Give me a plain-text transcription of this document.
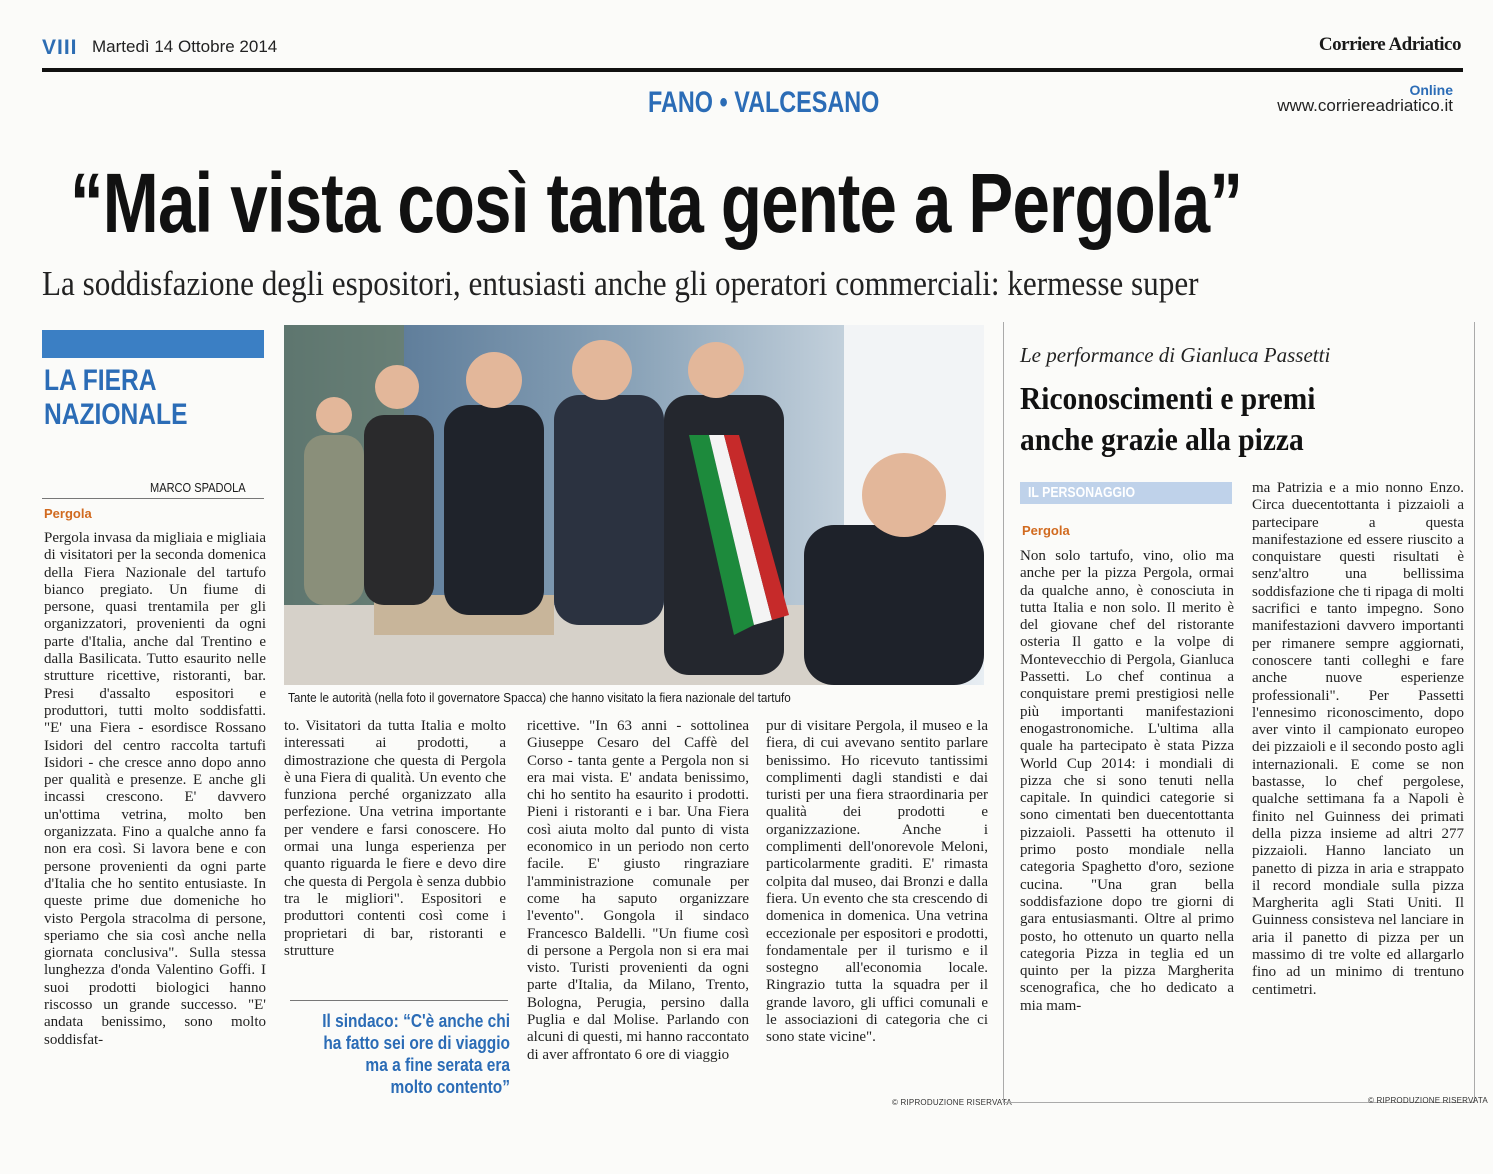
VIII Martedì 14 Ottobre 2014	Corriere Adriatico
FANO • VALCESANO	Online
www.corriereadriatico.it
“Mai vista così tanta gente a Pergola”
La soddisfazione degli espositori, entusiasti anche gli operatori commerciali: kermesse super
LA FIERA
NAZIONALE
MARCO SPADOLA
Pergola
Pergola invasa da migliaia e migliaia di visitatori per la seconda domenica della Fiera Nazionale del tartufo bianco pregiato. Un fiume di persone, quasi trentamila per gli organizzatori, provenienti da ogni parte d'Italia, anche dal Trentino e dalla Basilicata. Tutto esaurito nelle strutture ricettive, ristoranti, bar. Presi d'assalto espositori e produttori, tutti molto soddisfatti. "E' una Fiera - esordisce Rossano Isidori del centro raccolta tartufi Isidori - che cresce anno dopo anno per qualità e presenze. E anche gli incassi crescono. E' davvero un'ottima vetrina, molto ben organizzata. Fino a qualche anno fa non era così. Si lavora bene e con persone provenienti da ogni parte d'Italia che ho sentito entusiaste. In queste prime due domeniche ho visto Pergola stracolma di persone, speriamo che sia così anche nella giornata conclusiva". Sulla stessa lunghezza d'onda Valentino Goffi. I suoi prodotti biologici hanno riscosso un grande successo. "E' andata benissimo, sono molto soddisfat-
Tante le autorità (nella foto il governatore Spacca) che hanno visitato la fiera nazionale del tartufo
to. Visitatori da tutta Italia e molto interessati ai prodotti, a dimostrazione che questa di Pergola è una Fiera di qualità. Un evento che funziona perché organizzato alla perfezione. Una vetrina importante per vendere e farsi conoscere. Ho ormai una lunga esperienza per quanto riguarda le fiere e devo dire che questa di Pergola è senza dubbio tra le migliori". Espositori e produttori contenti così come i proprietari di bar, ristoranti e strutture
Il sindaco: “C'è anche chi ha fatto sei ore di viaggio ma a fine serata era molto contento”
ricettive. "In 63 anni - sottolinea Giuseppe Cesaro del Caffè del Corso - tanta gente a Pergola non si era mai vista. E' andata benissimo, chi ho sentito ha esaurito i prodotti. Pieni i ristoranti e i bar. Una Fiera così aiuta molto dal punto di vista economico in un periodo non certo facile. E' giusto ringraziare l'amministrazione comunale per come ha saputo organizzare l'evento". Gongola il sindaco Francesco Baldelli. "Un fiume così di persone a Pergola non si era mai visto. Turisti provenienti da ogni parte d'Italia, da Milano, Trento, Bologna, Perugia, persino dalla Puglia e dal Molise. Parlando con alcuni di questi, mi hanno raccontato di aver affrontato 6 ore di viaggio
pur di visitare Pergola, il museo e la fiera, di cui avevano sentito parlare benissimo. Ho ricevuto tantissimi complimenti dagli standisti e dai turisti per una fiera straordinaria per qualità dei prodotti e organizzazione. Anche i complimenti dell'onorevole Meloni, particolarmente graditi. E' rimasta colpita dal museo, dai Bronzi e dalla fiera. Un evento che sta crescendo di domenica in domenica. Una vetrina eccezionale per espositori e prodotti, fondamentale per il turismo e il sostegno all'economia locale. Ringrazio tutta la squadra per il grande lavoro, gli uffici comunali e le associazioni di categoria che ci sono state vicine".
© RIPRODUZIONE RISERVATA
Le performance di Gianluca Passetti
Riconoscimenti e premi
anche grazie alla pizza
IL PERSONAGGIO
Pergola
Non solo tartufo, vino, olio ma anche per la pizza Pergola, ormai da qualche anno, è conosciuta in tutta Italia e non solo. Il merito è del giovane chef del ristorante osteria Il gatto e la volpe di Montevecchio di Pergola, Gianluca Passetti. Lo chef continua a conquistare premi prestigiosi nelle più importanti manifestazioni enogastronomiche. L'ultima alla quale ha partecipato è stata Pizza World Cup 2014: i mondiali di pizza che si sono tenuti nella capitale. In quindici categorie si sono cimentati ben duecentottanta pizzaioli. Passetti ha ottenuto il primo posto mondiale nella categoria Spaghetto d'oro, sezione cucina. "Una gran bella soddisfazione dopo tre giorni di gara entusiasmanti. Oltre al primo posto, ho ottenuto un quarto nella categoria Pizza in teglia ed un quinto per la pizza Margherita scenografica, che ho dedicato a mia mam-
ma Patrizia e a mio nonno Enzo. Circa duecentottanta i pizzaioli a partecipare a questa manifestazione ed essere riuscito a conquistare questi risultati è senz'altro una bellissima soddisfazione che ti ripaga di molti sacrifici e tanto impegno. Sono manifestazioni davvero importanti per rimanere sempre aggiornati, conoscere tanti colleghi e fare anche nuove esperienze professionali". Per Passetti l'ennesimo riconoscimento, dopo aver vinto il campionato europeo dei pizzaioli e il secondo posto agli internazionali. E come se non bastasse, lo chef pergolese, qualche settimana fa a Napoli è finito nel Guinness dei primati della pizza insieme ad altri 277 pizzaioli. Hanno lanciato un panetto di pizza in aria e strappato il record mondiale sulla pizza Margherita agli Stati Uniti. Il Guinness consisteva nel lanciare in aria il panetto di pizza per un massimo di tre volte ed allargarlo fino ad un minimo di trentuno centimetri.
© RIPRODUZIONE RISERVATA
